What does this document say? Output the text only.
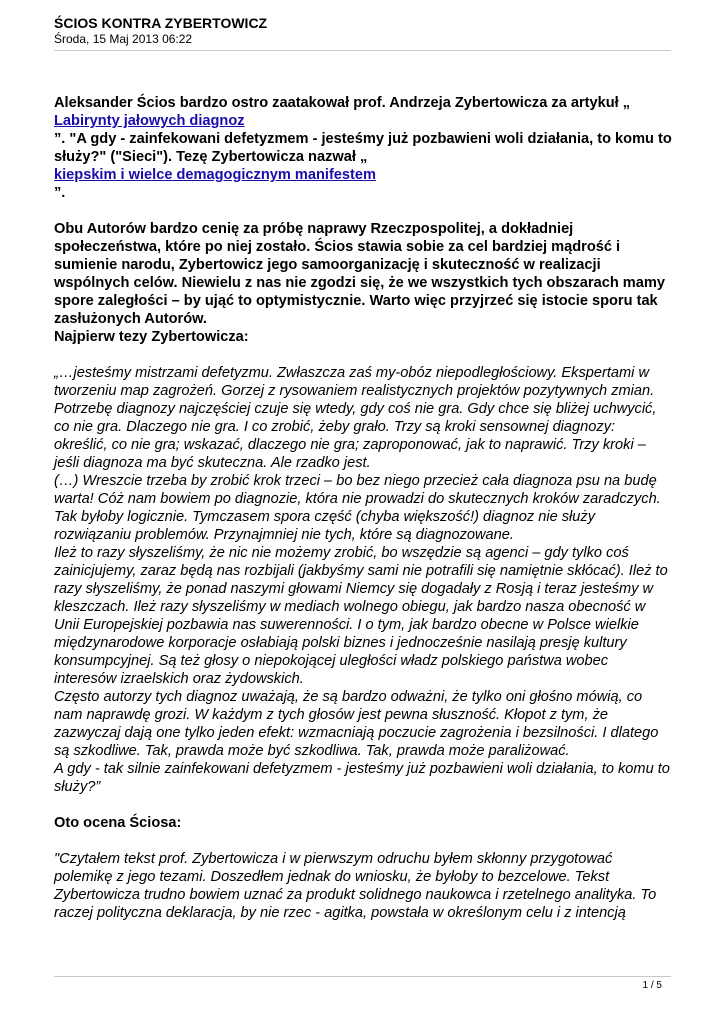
ŚCIOS KONTRA ZYBERTOWICZ
Środa, 15 Maj 2013 06:22

Aleksander Ścios bardzo ostro zaatakował prof. Andrzeja Zybertowicza za artykuł „ Labirynty jałowych diagnoz
”. "A gdy - zainfekowani defetyzmem - jesteśmy już pozbawieni woli działania, to komu to służy?" ("Sieci"). Tezę Zybertowicza nazwał „
kiepskim i wielce demagogicznym manifestem
”.

Obu Autorów bardzo cenię za próbę naprawy Rzeczpospolitej, a dokładniej społeczeństwa, które po niej zostało. Ścios stawia sobie za cel bardziej mądrość i sumienie narodu, Zybertowicz jego samoorganizację i skuteczność w realizacji wspólnych celów. Niewielu z nas nie zgodzi się, że we wszystkich tych obszarach mamy spore zaległości – by ująć to optymistycznie. Warto więc przyjrzeć się istocie sporu tak zasłużonych Autorów.

Najpierw tezy Zybertowicza:

„…jesteśmy mistrzami defetyzmu. Zwłaszcza zaś my-obóz niepodległościowy. Ekspertami w tworzeniu map zagrożeń. Gorzej z rysowaniem realistycznych projektów pozytywnych zmian.

Potrzebę diagnozy najczęściej czuje się wtedy, gdy coś nie gra. Gdy chce się bliżej uchwycić, co nie gra. Dlaczego nie gra. I co zrobić, żeby grało. Trzy są kroki sensownej diagnozy: określić, co nie gra; wskazać, dlaczego nie gra; zaproponować, jak to naprawić. Trzy kroki – jeśli diagnoza ma być skuteczna. Ale rzadko jest.

(…) Wreszcie trzeba by zrobić krok trzeci – bo bez niego przecież cała diagnoza psu na budę warta! Cóż nam bowiem po diagnozie, która nie prowadzi do skutecznych kroków zaradczych. Tak byłoby logicznie. Tymczasem spora część (chyba większość!) diagnoz nie służy rozwiązaniu problemów. Przynajmniej nie tych, które są diagnozowane.

Ileż to razy słyszeliśmy, że nic nie możemy zrobić, bo wszędzie są agenci – gdy tylko coś zainicjujemy, zaraz będą nas rozbijali (jakbyśmy sami nie potrafili się namiętnie skłócać). Ileż to razy słyszeliśmy, że ponad naszymi głowami Niemcy się dogadały z Rosją i teraz jesteśmy w kleszczach. Ileż razy słyszeliśmy w mediach wolnego obiegu, jak bardzo nasza obecność w Unii Europejskiej pozbawia nas suwerenności. I o tym, jak bardzo obecne w Polsce wielkie międzynarodowe korporacje osłabiają polski biznes i jednocześnie nasilają presję kultury konsumpcyjnej. Są też głosy o niepokojącej uległości władz polskiego państwa wobec interesów izraelskich oraz żydowskich.

Często autorzy tych diagnoz uważają, że są bardzo odważni, że tylko oni głośno mówią, co nam naprawdę grozi. W każdym z tych głosów jest pewna słuszność. Kłopot z tym, że zazwyczaj dają one tylko jeden efekt: wzmacniają poczucie zagrożenia i bezsilności. I dlatego są szkodliwe. Tak, prawda może być szkodliwa. Tak, prawda może paraliżować.

A gdy - tak silnie zainfekowani defetyzmem - jesteśmy już pozbawieni woli działania, to komu to służy?”

Oto ocena Ściosa:

"Czytałem tekst prof. Zybertowicza i w pierwszym odruchu byłem skłonny przygotować polemikę z jego tezami. Doszedłem jednak do wniosku, że byłoby to bezcelowe. Tekst Zybertowicza trudno bowiem uznać za produkt solidnego naukowca i rzetelnego analityka. To raczej polityczna deklaracja, by nie rzec - agitka, powstała w określonym celu i z intencją

1 / 5
